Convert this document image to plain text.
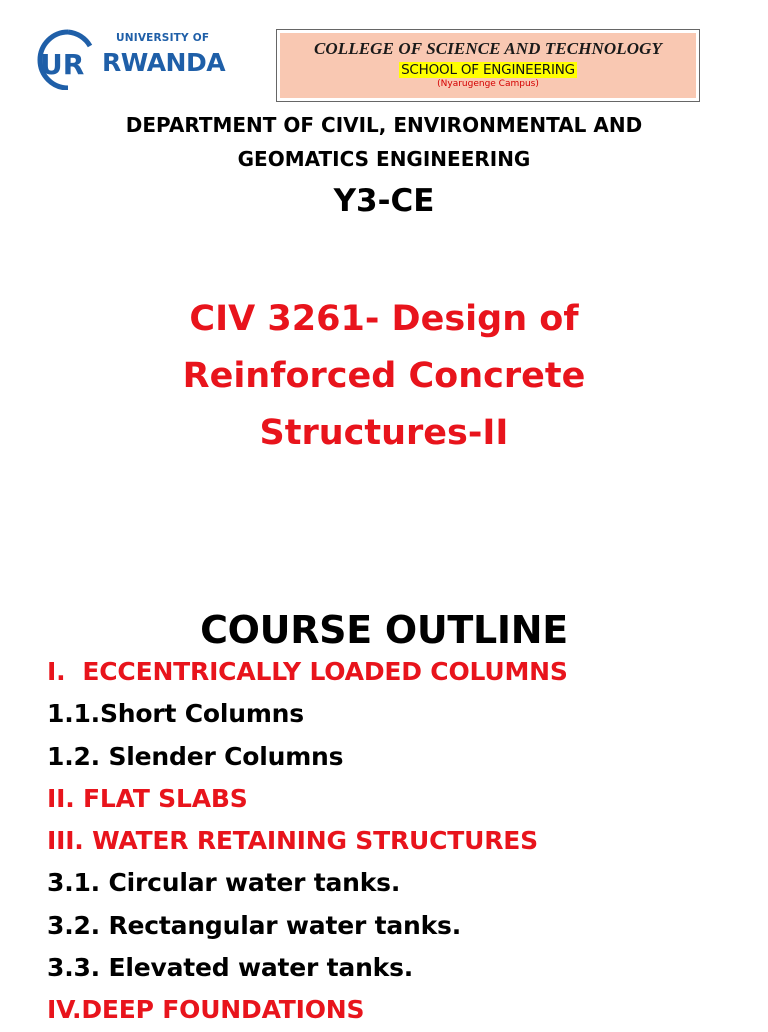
UR
UNIVERSITY OF
RWANDA	COLLEGE OF SCIENCE AND TECHNOLOGY
SCHOOL OF ENGINEERING
(Nyarugenge Campus)
DEPARTMENT OF CIVIL, ENVIRONMENTAL AND
GEOMATICS ENGINEERING
Y3-CE
CIV 3261- Design of
Reinforced Concrete
Structures-II
COURSE OUTLINE
I.  ECCENTRICALLY LOADED COLUMNS
1.1.Short Columns
1.2. Slender Columns
II. FLAT SLABS
III. WATER RETAINING STRUCTURES
3.1. Circular water tanks.
3.2. Rectangular water tanks.
3.3. Elevated water tanks.
IV.DEEP FOUNDATIONS
